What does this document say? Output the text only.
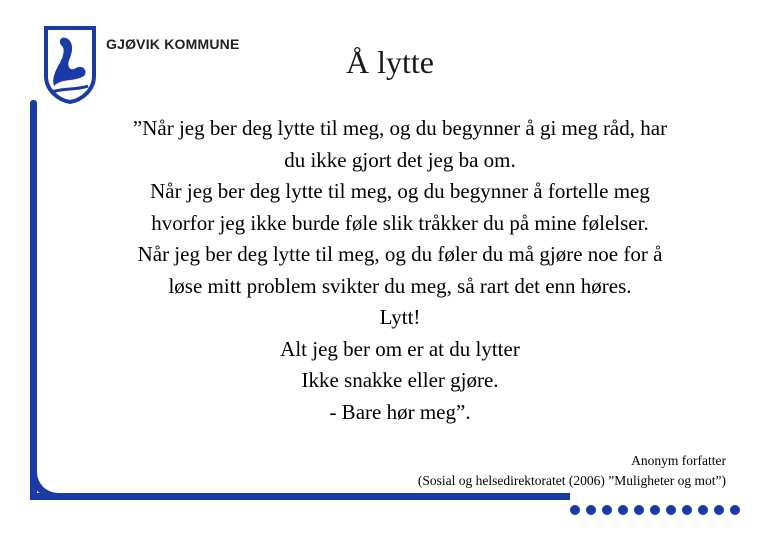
GJØVIK KOMMUNE	Å lytte
”Når jeg ber deg lytte til meg, og du begynner å gi meg råd, har
du ikke gjort det jeg ba om.
Når jeg ber deg lytte til meg, og du begynner å fortelle meg
hvorfor jeg ikke burde føle slik tråkker du på mine følelser.
Når jeg ber deg lytte til meg, og du føler du må gjøre noe for å
løse mitt problem svikter du meg, så rart det enn høres.
Lytt!
Alt jeg ber om er at du lytter
Ikke snakke eller gjøre.
- Bare hør meg”.
Anonym forfatter
(Sosial og helsedirektoratet (2006) ”Muligheter og mot”)
